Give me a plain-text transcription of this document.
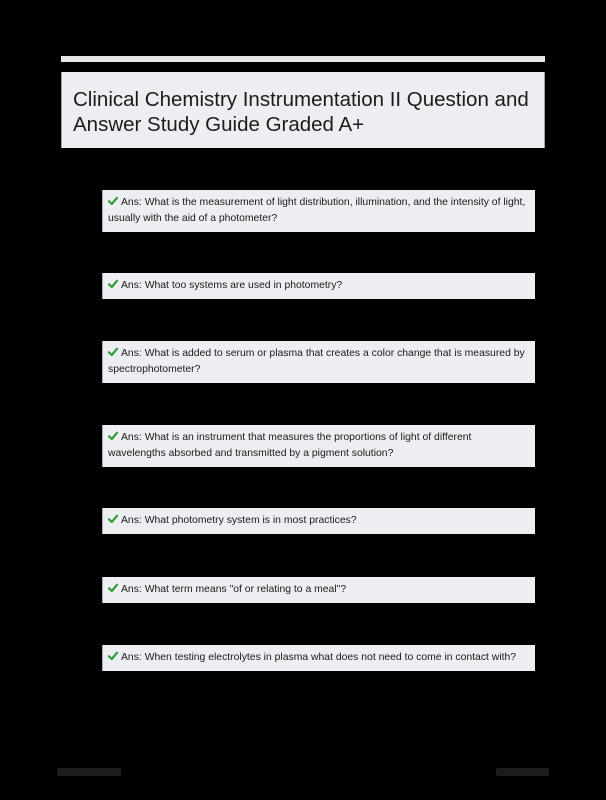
Clinical Chemistry Instrumentation II Question and Answer Study Guide Graded A+
Ans: What is the measurement of light distribution, illumination, and the intensity of light, usually with the aid of a photometer?
Ans: What too systems are used in photometry?
Ans: What is added to serum or plasma that creates a color change that is measured by spectrophotometer?
Ans: What is an instrument that measures the proportions of light of different wavelengths absorbed and transmitted by a pigment solution?
Ans: What photometry system is in most practices?
Ans: What term means "of or relating to a meal"?
Ans: When testing electrolytes in plasma what does not need to come in contact with?
